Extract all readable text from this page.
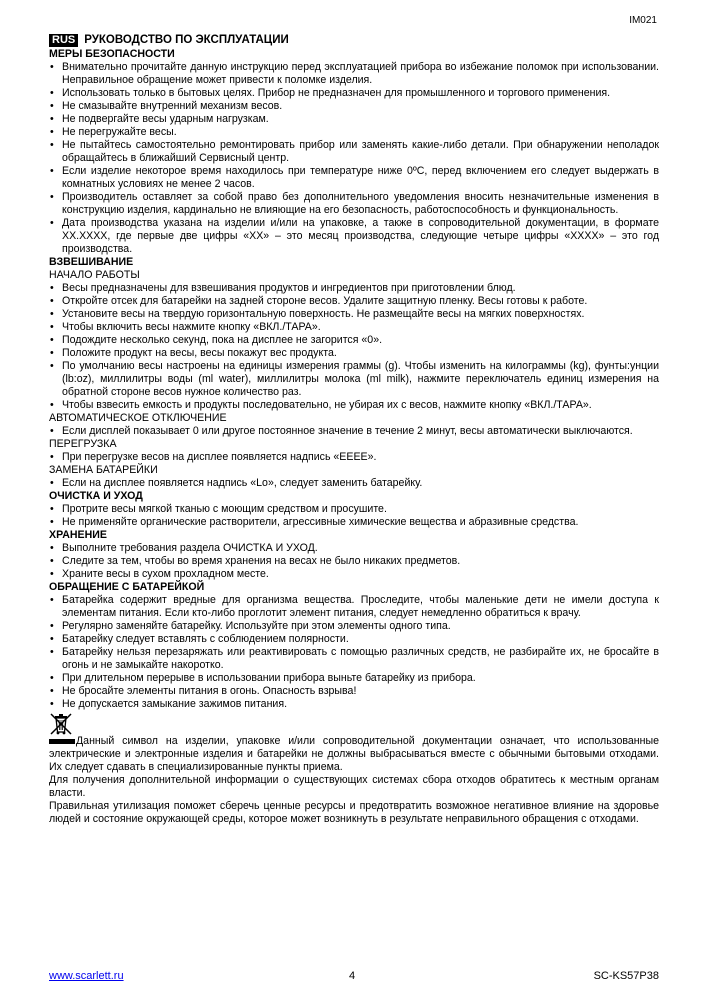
IM021
RUS РУКОВОДСТВО ПО ЭКСПЛУАТАЦИИ
МЕРЫ БЕЗОПАСНОСТИ
• Внимательно прочитайте данную инструкцию перед эксплуатацией прибора во избежание поломок при использовании. Неправильное обращение может привести к поломке изделия.
• Использовать только в бытовых целях. Прибор не предназначен для промышленного и торгового применения.
• Не смазывайте внутренний механизм весов.
• Не подвергайте весы ударным нагрузкам.
• Не перегружайте весы.
• Не пытайтесь самостоятельно ремонтировать прибор или заменять какие-либо детали. При обнаружении неполадок обращайтесь в ближайший Сервисный центр.
• Если изделие некоторое время находилось при температуре ниже 0ºC, перед включением его следует выдержать в комнатных условиях не менее 2 часов.
• Производитель оставляет за собой право без дополнительного уведомления вносить незначительные изменения в конструкцию изделия, кардинально не влияющие на его безопасность, работоспособность и функциональность.
• Дата производства указана на изделии и/или на упаковке, а также в сопроводительной документации, в формате XX.XXXX, где первые две цифры «XX» – это месяц производства, следующие четыре цифры «XXXX» – это год производства.
ВЗВЕШИВАНИЕ
НАЧАЛО РАБОТЫ
• Весы предназначены для взвешивания продуктов и ингредиентов при приготовлении блюд.
• Откройте отсек для батарейки на задней стороне весов. Удалите защитную пленку. Весы готовы к работе.
• Установите весы на твердую горизонтальную поверхность. Не размещайте весы на мягких поверхностях.
• Чтобы включить весы нажмите кнопку «ВКЛ./ТАРА».
• Подождите несколько секунд, пока на дисплее не загорится «0».
• Положите продукт на весы, весы покажут вес продукта.
• По умолчанию весы настроены на единицы измерения граммы (g). Чтобы изменить на килограммы (kg), фунты:унции (lb:oz), миллилитры воды (ml water), миллилитры молока (ml milk), нажмите переключатель единиц измерения на обратной стороне весов нужное количество раз.
• Чтобы взвесить емкость и продукты последовательно, не убирая их с весов, нажмите кнопку «ВКЛ./ТАРА».
АВТОМАТИЧЕСКОЕ ОТКЛЮЧЕНИЕ
• Если дисплей показывает 0 или другое постоянное значение в течение 2 минут, весы автоматически выключаются.
ПЕРЕГРУЗКА
• При перегрузке весов на дисплее появляется надпись «EEEE».
ЗАМЕНА БАТАРЕЙКИ
• Если на дисплее появляется надпись «Lo», следует заменить батарейку.
ОЧИСТКА И УХОД
• Протрите весы мягкой тканью с моющим средством и просушите.
• Не применяйте органические растворители, агрессивные химические вещества и абразивные средства.
ХРАНЕНИЕ
• Выполните требования раздела ОЧИСТКА И УХОД.
• Следите за тем, чтобы во время хранения на весах не было никаких предметов.
• Храните весы в сухом прохладном месте.
ОБРАЩЕНИЕ С БАТАРЕЙКОЙ
• Батарейка содержит вредные для организма вещества. Проследите, чтобы маленькие дети не имели доступа к элементам питания. Если кто-либо проглотит элемент питания, следует немедленно обратиться к врачу.
• Регулярно заменяйте батарейку. Используйте при этом элементы одного типа.
• Батарейку следует вставлять с соблюдением полярности.
• Батарейку нельзя перезаряжать или реактивировать с помощью различных средств, не разбирайте их, не бросайте в огонь и не замыкайте накоротко.
• При длительном перерыве в использовании прибора выньте батарейку из прибора.
• Не бросайте элементы питания в огонь. Опасность взрыва!
• Не допускается замыкание зажимов питания.

Данный символ на изделии, упаковке и/или сопроводительной документации означает, что использованные электрические и электронные изделия и батарейки не должны выбрасываться вместе с обычными бытовыми отходами. Их следует сдавать в специализированные пункты приема.

Для получения дополнительной информации о существующих системах сбора отходов обратитесь к местным органам власти.

Правильная утилизация поможет сберечь ценные ресурсы и предотвратить возможное негативное влияние на здоровье людей и состояние окружающей среды, которое может возникнуть в результате неправильного обращения с отходами.

www.scarlett.ru	4	SC-KS57P38
